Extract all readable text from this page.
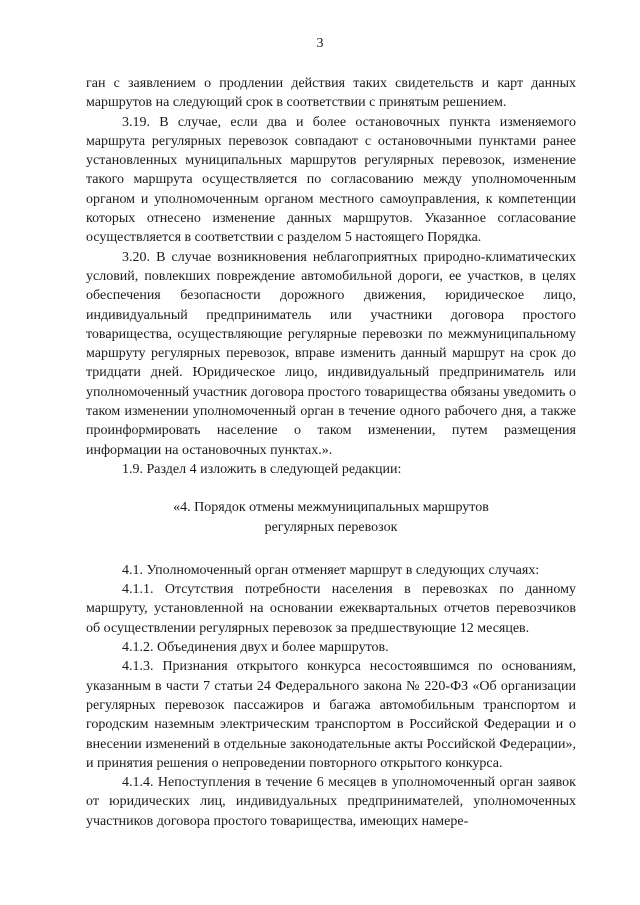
3

ган с заявлением о продлении действия таких свидетельств и карт данных маршрутов на следующий срок в соответствии с принятым решением.

3.19. В случае, если два и более остановочных пункта изменяемого маршрута регулярных перевозок совпадают с остановочными пунктами ранее установленных муниципальных маршрутов регулярных перевозок, изменение такого маршрута осуществляется по согласованию между уполномоченным органом и уполномоченным органом местного самоуправления, к компетенции которых отнесено изменение данных маршрутов. Указанное согласование осуществляется в соответствии с разделом 5 настоящего Порядка.

3.20. В случае возникновения неблагоприятных природно-климатических условий, повлекших повреждение автомобильной дороги, ее участков, в целях обеспечения безопасности дорожного движения, юридическое лицо, индивидуальный предприниматель или участники договора простого товарищества, осуществляющие регулярные перевозки по межмуниципальному маршруту регулярных перевозок, вправе изменить данный маршрут на срок до тридцати дней. Юридическое лицо, индивидуальный предприниматель или уполномоченный участник договора простого товарищества обязаны уведомить о таком изменении уполномоченный орган в течение одного рабочего дня, а также проинформировать население о таком изменении, путем размещения информации на остановочных пунктах.».

1.9. Раздел 4 изложить в следующей редакции:

«4. Порядок отмены межмуниципальных маршрутов
регулярных перевозок

4.1. Уполномоченный орган отменяет маршрут в следующих случаях:

4.1.1. Отсутствия потребности населения в перевозках по данному маршруту, установленной на основании ежеквартальных отчетов перевозчиков об осуществлении регулярных перевозок за предшествующие 12 месяцев.

4.1.2. Объединения двух и более маршрутов.

4.1.3. Признания открытого конкурса несостоявшимся по основаниям, указанным в части 7 статьи 24 Федерального закона № 220-ФЗ «Об организации регулярных перевозок пассажиров и багажа автомобильным транспортом и городским наземным электрическим транспортом в Российской Федерации и о внесении изменений в отдельные законодательные акты Российской Федерации», и принятия решения о непроведении повторного открытого конкурса.

4.1.4. Непоступления в течение 6 месяцев в уполномоченный орган заявок от юридических лиц, индивидуальных предпринимателей, уполномоченных участников договора простого товарищества, имеющих намере-
